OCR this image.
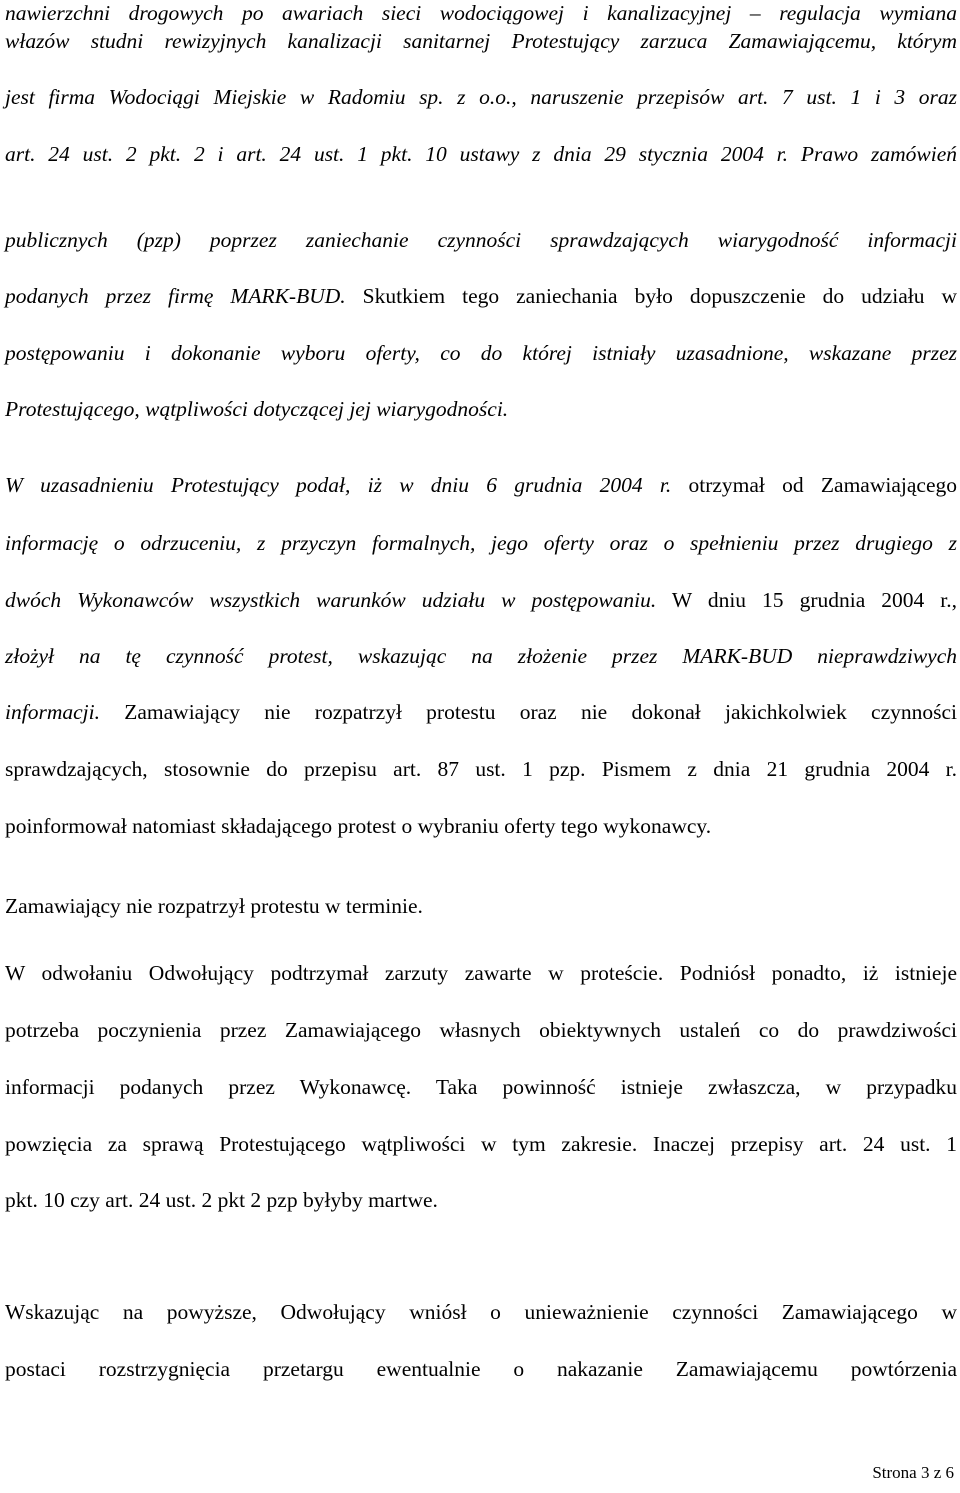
nawierzchni drogowych po awariach sieci wodociągowej i kanalizacyjnej – regulacja wymiana
włazów studni rewizyjnych kanalizacji sanitarnej Protestujący zarzuca Zamawiającemu, którym
jest firma Wodociągi Miejskie w Radomiu sp. z o.o., naruszenie przepisów art. 7 ust. 1 i 3 oraz
art. 24 ust. 2 pkt. 2 i art. 24 ust. 1 pkt. 10 ustawy z dnia 29 stycznia 2004 r. Prawo zamówień
publicznych (pzp) poprzez zaniechanie czynności sprawdzających wiarygodność informacji
podanych przez firmę MARK-BUD. Skutkiem tego zaniechania było dopuszczenie do udziału w
postępowaniu i dokonanie wyboru oferty, co do której istniały uzasadnione, wskazane przez
Protestującego, wątpliwości dotyczącej jej wiarygodności.
W uzasadnieniu Protestujący podał, iż w dniu 6 grudnia 2004 r. otrzymał od Zamawiającego
informację o odrzuceniu, z przyczyn formalnych, jego oferty oraz o spełnieniu przez drugiego z
dwóch Wykonawców wszystkich warunków udziału w postępowaniu. W dniu 15 grudnia 2004 r.,
złożył na tę czynność protest, wskazując na złożenie przez MARK-BUD nieprawdziwych
informacji. Zamawiający nie rozpatrzył protestu oraz nie dokonał jakichkolwiek czynności
sprawdzających, stosownie do przepisu art. 87 ust. 1 pzp. Pismem z dnia 21 grudnia 2004 r.
poinformował natomiast składającego protest o wybraniu oferty tego wykonawcy.
Zamawiający nie rozpatrzył protestu w terminie.
W odwołaniu Odwołujący podtrzymał zarzuty zawarte w proteście. Podniósł ponadto, iż istnieje
potrzeba poczynienia przez Zamawiającego własnych obiektywnych ustaleń co do prawdziwości
informacji podanych przez Wykonawcę. Taka powinność istnieje zwłaszcza, w przypadku
powzięcia za sprawą Protestującego wątpliwości w tym zakresie. Inaczej przepisy art. 24 ust. 1
pkt. 10 czy art. 24 ust. 2 pkt 2 pzp byłyby martwe.
Wskazując na powyższe, Odwołujący wniósł o unieważnienie czynności Zamawiającego w
postaci rozstrzygnięcia przetargu ewentualnie o nakazanie Zamawiającemu powtórzenia
Strona 3 z 6
